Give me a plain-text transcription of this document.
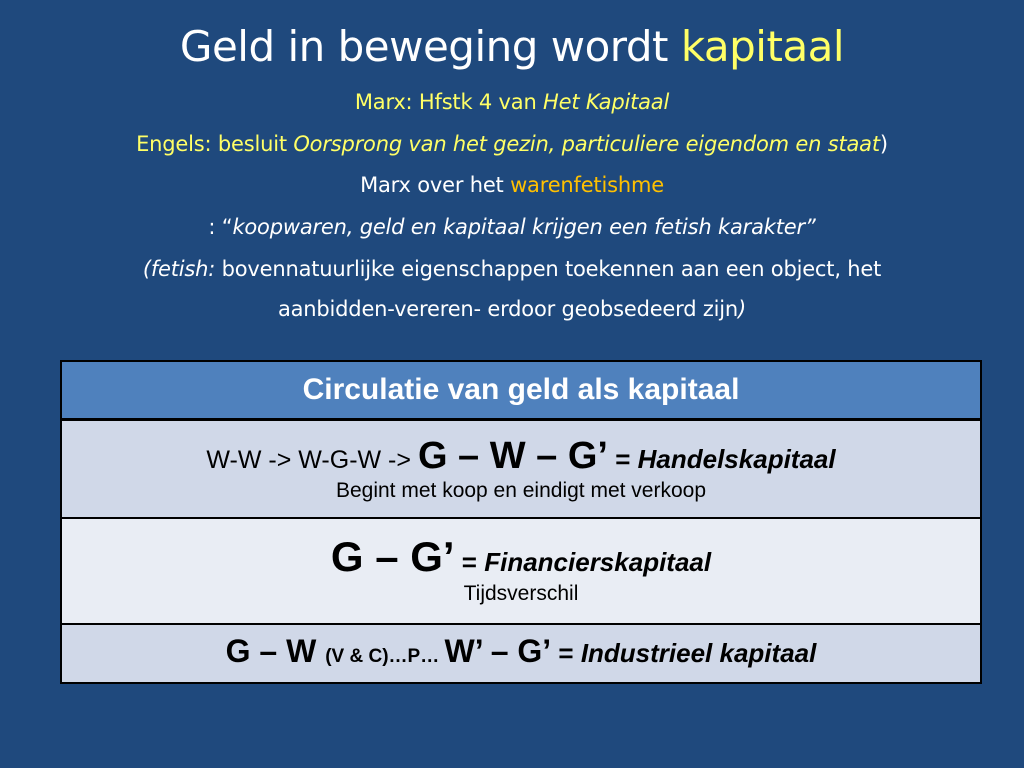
Geld in beweging wordt kapitaal
Marx: Hfstk 4 van Het Kapitaal
Engels: besluit Oorsprong van het gezin, particuliere eigendom en staat)
Marx over het warenfetishme
: “koopwaren, geld en kapitaal krijgen een fetish karakter”
(fetish: bovennatuurlijke eigenschappen toekennen aan een object, het
aanbidden-vereren- erdoor geobsedeerd zijn)
Circulatie van geld als kapitaal
W-W -> W-G-W -> G – W – G’ = Handelskapitaal
Begint met koop en eindigt met verkoop
G – G’ = Financierskapitaal
Tijdsverschil
G – W (V & C)…P… W’ – G’ = Industrieel kapitaal
